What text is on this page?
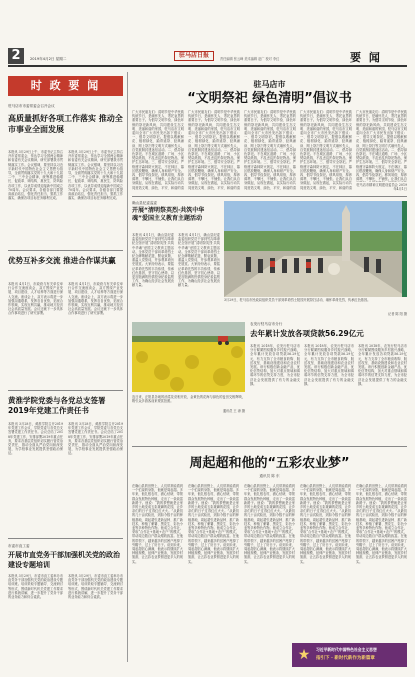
2	2019年4月2日 星期二	驻马店日报	责任编辑 张云峰 美术编辑 赵广 校对 李红	要 闻
时 政 要 闻
驻马店市市委常委会召开会议
高质量抓好各项工作落实 推动全市事业全面发展
本报讯 3月29日上午，市委书记主持召开市委常委会，传达学习全国两会精神和省委有关会议精神，研究部署我市贯彻落实工作。会议强调，要坚持以习近平新时代中国特色社会主义思想为指导，全面贯彻落实党的十九大和十九届二中、三中全会精神，统筹推进稳增长、促改革、调结构、惠民生、防风险各项工作，以优异成绩迎接新中国成立70周年。会议要求，各级各部门要提高政治站位，强化责任担当，狠抓工作落实，确保各项目标任务顺利完成。
本报讯 3月29日上午，市委书记主持召开市委常委会，传达学习全国两会精神和省委有关会议精神，研究部署我市贯彻落实工作。会议强调，要坚持以习近平新时代中国特色社会主义思想为指导，全面贯彻落实党的十九大和十九届二中、三中全会精神，统筹推进稳增长、促改革、调结构、惠民生、防风险各项工作，以优异成绩迎接新中国成立70周年。会议要求，各级各部门要提高政治站位，强化责任担当，狠抓工作落实，确保各项目标任务顺利完成。
优势互补多交流 推进合作谋共赢
本报讯 4月1日，市政府与有关单位举行合作交流座谈会，双方围绕产业发展、项目建设、人才培养等方面进行深入交流。座谈会上，双方表示将进一步加强沟通联系，发挥各自优势，拓宽合作领域，实现互利共赢，推动地方经济社会高质量发展。会议还就下一步具体合作事项进行了研究部署。
本报讯 4月1日，市政府与有关单位举行合作交流座谈会，双方围绕产业发展、项目建设、人才培养等方面进行深入交流。座谈会上，双方表示将进一步加强沟通联系，发挥各自优势，拓宽合作领域，实现互利共赢，推动地方经济社会高质量发展。会议还就下一步具体合作事项进行了研究部署。
黄淮学院党委与各党总支签署2019年党建工作责任书
本报讯 3月28日，黄淮学院召开2019年党建工作会议，学院党委与各党总支签署党建工作责任书。会议总结了2018年党建工作，安排部署2019年重点任务，要求各基层党组织切实履行管党治党责任，推动全面从严治党向纵深发展，为学校事业发展提供坚强政治保证。
本报讯 3月28日，黄淮学院召开2019年党建工作会议，学院党委与各党总支签署党建工作责任书。会议总结了2018年党建工作，安排部署2019年重点任务，要求各基层党组织切实履行管党治党责任，推动全面从严治党向纵深发展，为学校事业发展提供坚强政治保证。
市委市直工委
开展市直党务干部加强机关党的政治建设专题培训
本报讯 3月29日，市委市直工委举办市直党务干部加强机关党的政治建设专题培训班。培训采取专题辅导、交流研讨等形式，围绕新时代机关党建工作要求进行系统讲解，进一步提升了党务干部的业务能力和综合素质。
本报讯 3月29日，市委市直工委举办市直党务干部加强机关党的政治建设专题培训班。培训采取专题辅导、交流研讨等形式，围绕新时代机关党建工作要求进行系统讲解，进一步提升了党务干部的业务能力和综合素质。
驻马店市
“文明祭祀 绿色清明”倡议书
广大市民朋友们：清明节是中华民族传统节日，是缅怀先人、寄托哀思的重要日子。为倡导文明节俭、绿色环保的祭祀新风尚，共同建设生态文明、美丽和谐的家园，驻马店市文明委向全市广大市民发出如下倡议：一、倡导文明祭祀。提倡以敬献鲜花、植树绿化、踏青遥祭、经典诵读、网上祭扫等文明方式缅怀先人，自觉抵制封建迷信活动。二、倡导绿色祭祀。不在城区道路、广场、小区焚烧纸钱，不乱丢乱扔祭祀物品，保护生态环境。三、倡导安全祭祀。严格遵守森林防火规定，不在林区、墓区燃放鞭炮，确保人身和财产安全。四、倡导节俭祭祀。移风易俗，厚养薄葬，不攀比、不铺张。让我们从自身做起，从现在做起，以实际行动共同营造文明、绿色、平安、和谐的清
广大市民朋友们：清明节是中华民族传统节日，是缅怀先人、寄托哀思的重要日子。为倡导文明节俭、绿色环保的祭祀新风尚，共同建设生态文明、美丽和谐的家园，驻马店市文明委向全市广大市民发出如下倡议：一、倡导文明祭祀。提倡以敬献鲜花、植树绿化、踏青遥祭、经典诵读、网上祭扫等文明方式缅怀先人，自觉抵制封建迷信活动。二、倡导绿色祭祀。不在城区道路、广场、小区焚烧纸钱，不乱丢乱扔祭祀物品，保护生态环境。三、倡导安全祭祀。严格遵守森林防火规定，不在林区、墓区燃放鞭炮，确保人身和财产安全。四、倡导节俭祭祀。移风易俗，厚养薄葬，不攀比、不铺张。让我们从自身做起，从现在做起，以实际行动共同营造文明、绿色、平安、和谐的清
广大市民朋友们：清明节是中华民族传统节日，是缅怀先人、寄托哀思的重要日子。为倡导文明节俭、绿色环保的祭祀新风尚，共同建设生态文明、美丽和谐的家园，驻马店市文明委向全市广大市民发出如下倡议：一、倡导文明祭祀。提倡以敬献鲜花、植树绿化、踏青遥祭、经典诵读、网上祭扫等文明方式缅怀先人，自觉抵制封建迷信活动。二、倡导绿色祭祀。不在城区道路、广场、小区焚烧纸钱，不乱丢乱扔祭祀物品，保护生态环境。三、倡导安全祭祀。严格遵守森林防火规定，不在林区、墓区燃放鞭炮，确保人身和财产安全。四、倡导节俭祭祀。移风易俗，厚养薄葬，不攀比、不铺张。让我们从自身做起，从现在做起，以实际行动共同营造文明、绿色、平安、和谐的清
广大市民朋友们：清明节是中华民族传统节日，是缅怀先人、寄托哀思的重要日子。为倡导文明节俭、绿色环保的祭祀新风尚，共同建设生态文明、美丽和谐的家园，驻马店市文明委向全市广大市民发出如下倡议：一、倡导文明祭祀。提倡以敬献鲜花、植树绿化、踏青遥祭、经典诵读、网上祭扫等文明方式缅怀先人，自觉抵制封建迷信活动。二、倡导绿色祭祀。不在城区道路、广场、小区焚烧纸钱，不乱丢乱扔祭祀物品，保护生态环境。三、倡导安全祭祀。严格遵守森林防火规定，不在林区、墓区燃放鞭炮，确保人身和财产安全。四、倡导节俭祭祀。移风易俗，厚养薄葬，不攀比、不铺张。让我们从自身做起，从现在做起，以实际行动共同营造文明、绿色、平安、和谐的清
广大市民朋友们：清明节是中华民族传统节日，是缅怀先人、寄托哀思的重要日子。为倡导文明节俭、绿色环保的祭祀新风尚，共同建设生态文明、美丽和谐的家园，驻马店市文明委向全市广大市民发出如下倡议：一、倡导文明祭祀。提倡以敬献鲜花、植树绿化、踏青遥祭、经典诵读、网上祭扫等文明方式缅怀先人，自觉抵制封建迷信活动。二、倡导绿色祭祀。不在城区道路、广场、小区焚烧纸钱，不乱丢乱扔祭祀物品，保护生态环境。三、倡导安全祭祀。严格遵守森林防火规定，不在林区、墓区燃放鞭炮，确保人身和财产安全。四、倡导节俭祭祀。移风易俗，厚养薄葬，不攀比、不铺张。让我们从自
驻马店市精神文明建设委员会 2019年4月1日
确山县纪委监委
开展“清明祭英烈·共筑中华魂”爱国主义教育主题活动
本报讯 4月1日，确山县纪委监委组织党员干部到竹沟革命纪念馆开展“清明祭英烈·共筑中华魂”爱国主义教育主题活动。全体党员干部向革命烈士纪念碑敬献花篮，默哀致敬，重温入党誓词，并参观革命历史展览。大家纷纷表示，要铭记革命先烈的丰功伟绩，传承红色基因，坚守初心使命，以更加饱满的热情投身纪检监察工作，为确山经济社会发展贡献力量。
本报讯 4月1日，确山县纪委监委组织党员干部到竹沟革命纪念馆开展“清明祭英烈·共筑中华魂”爱国主义教育主题活动。全体党员干部向革命烈士纪念碑敬献花篮，默哀致敬，重温入党誓词，并参观革命历史展览。大家纷纷表示，要铭记革命先烈的丰功伟绩，传承红色基因，坚守初心使命，以更加饱满的热情投身纪检监察工作，为确山经济社会发展贡献力量。
3月29日，驻马店市民政局组织党员干部到革命烈士陵园开展祭扫活动，缅怀革命先烈，传承红色基因。
记者 陈 阳 摄
农发行驻马店市分行
去年累计发放各项贷款56.29亿元
本报讯 2018年，农发行驻马店市分行紧紧围绕服务乡村振兴战略，全年累计发放各项贷款56.29亿元，有力支持了全市粮食收购、脱贫攻坚、基础设施建设和农业农村发展。该行积极创新金融产品，优化信贷结构，加大对重点领域和薄弱环节的信贷支持力度，为全市经济社会发展提供了有力的金融支撑。
本报讯 2018年，农发行驻马店市分行紧紧围绕服务乡村振兴战略，全年累计发放各项贷款56.29亿元，有力支持了全市粮食收购、脱贫攻坚、基础设施建设和农业农村发展。该行积极创新金融产品，优化信贷结构，加大对重点领域和薄弱环节的信贷支持力度，为全市经济社会发展提供了有力的金融支撑。
本报讯 2018年，农发行驻马店市分行紧紧围绕服务乡村振兴战略，全年累计发放各项贷款56.29亿元，有力支持了全市粮食收购、脱贫攻坚、基础设施建设和农业农村发展。该行积极创新金融产品，优化信贷结构，加大对重点领域和薄弱环节的信贷支持力度，为全市经济社会发展提供了有力的金融支撑。
连日来，正阳县各地的油菜花竞相开放，金黄色的花海与绿色的麦田交相辉映，吸引众多游客前来观赏拍照。
通讯员 王 涛 摄
周起超和他的“五彩农业梦”
通讯员 陈 东
在确山县的田野上，人们常常能看到一个忙碌的身影，他就是周起超。多年来，他扎根农村，潜心钻研，带领群众发展特色种植，走出了一条致富新路子。他说：“我的梦想就是让家乡的土地变成五彩斑斓的花园，让乡亲们的日子过得红红火火。”从最初的几十亩试验田，到如今数千亩的种植基地，周起超引进新品种、推广新技术，种植了紫薯、黑花生、彩色小麦等多种特色作物。他成立合作社，采取“合作社+基地+农户”的模式，带动周边数百户群众增收致富。在他的带领下，越来越多的贫困户甩掉了穷帽子，过上了好日子。谈到未来，周起超信心满满，他表示将继续扩大种植规模，延伸产业链条，发展乡村旅游，让五彩农业梦照进更多人的现实。
在确山县的田野上，人们常常能看到一个忙碌的身影，他就是周起超。多年来，他扎根农村，潜心钻研，带领群众发展特色种植，走出了一条致富新路子。他说：“我的梦想就是让家乡的土地变成五彩斑斓的花园，让乡亲们的日子过得红红火火。”从最初的几十亩试验田，到如今数千亩的种植基地，周起超引进新品种、推广新技术，种植了紫薯、黑花生、彩色小麦等多种特色作物。他成立合作社，采取“合作社+基地+农户”的模式，带动周边数百户群众增收致富。在他的带领下，越来越多的贫困户甩掉了穷帽子，过上了好日子。谈到未来，周起超信心满满，他表示将继续扩大种植规模，延伸产业链条，发展乡村旅游，让五彩农业梦照进更多人的现实。
在确山县的田野上，人们常常能看到一个忙碌的身影，他就是周起超。多年来，他扎根农村，潜心钻研，带领群众发展特色种植，走出了一条致富新路子。他说：“我的梦想就是让家乡的土地变成五彩斑斓的花园，让乡亲们的日子过得红红火火。”从最初的几十亩试验田，到如今数千亩的种植基地，周起超引进新品种、推广新技术，种植了紫薯、黑花生、彩色小麦等多种特色作物。他成立合作社，采取“合作社+基地+农户”的模式，带动周边数百户群众增收致富。在他的带领下，越来越多的贫困户甩掉了穷帽子，过上了好日子。谈到未来，周起超信心满满，他表示将继续扩大种植规模，延伸产业链条，发展乡村旅游，让五彩农业梦照进更多人的现实。
在确山县的田野上，人们常常能看到一个忙碌的身影，他就是周起超。多年来，他扎根农村，潜心钻研，带领群众发展特色种植，走出了一条致富新路子。他说：“我的梦想就是让家乡的土地变成五彩斑斓的花园，让乡亲们的日子过得红红火火。”从最初的几十亩试验田，到如今数千亩的种植基地，周起超引进新品种、推广新技术，种植了紫薯、黑花生、彩色小麦等多种特色作物。他成立合作社，采取“合作社+基地+农户”的模式，带动周边数百户群众增收致富。在他的带领下，越来越多的贫困户甩掉了穷帽子，过上了好日子。谈到未来，周起超信心满满，他表示将继续扩大种植规模，延伸产业链条，发展乡村旅游，让五彩农业梦照进更多人的现实。
在确山县的田野上，人们常常能看到一个忙碌的身影，他就是周起超。多年来，他扎根农村，潜心钻研，带领群众发展特色种植，走出了一条致富新路子。他说：“我的梦想就是让家乡的土地变成五彩斑斓的花园，让乡亲们的日子过得红红火火。”从最初的几十亩试验田，到如今数千亩的种植基地，周起超引进新品种、推广新技术，种植了紫薯、黑花生、彩色小麦等多种特色作物。他成立合作社，采取“合作社+基地+农户”的模式，带动周边数百户群众增收致富。在他的带领下，越来越多的贫困户甩掉了穷帽子，过上了好日子。谈到未来，周起超信心满满，他表示将继续扩大种植规模，延伸产业链条，发展乡村旅游，让五彩农业梦照进更多人的现实。
★	习近平新时代中国特色社会主义思想
指引下 · 新时代新作为新篇章
